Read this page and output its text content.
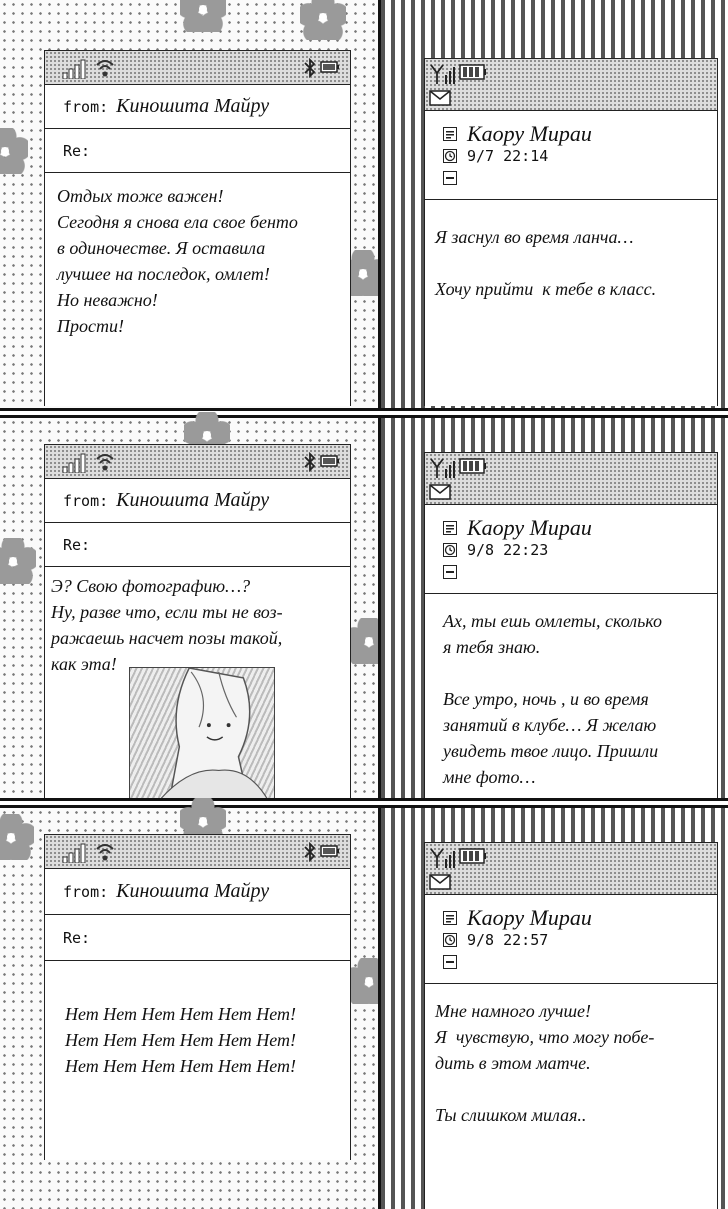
from: Киношита Майру
Re:
Отдых тоже важен!
Сегодня я снова ела свое бенто
в одиночестве. Я оставила
лучшее на последок, омлет!
Но неважно!
Прости!
Каору Мираи
9/7 22:14
Я заснул во время ланча…

Хочу прийти  к тебе в класс.
from: Киношита Майру
Re:
Э? Свою фотографию…?
Ну, разве что, если ты не воз-
ражаешь насчет позы такой,
как эта!
Каору Мираи
9/8 22:23
Ах, ты ешь омлеты, сколько
я тебя знаю.

Все утро, ночь , и во время
занятий в клубе… Я желаю
увидеть твое лицо. Пришли
мне фото…
from: Киношита Майру
Re:
Нет Нет Нет Нет Нет Нет!
Нет Нет Нет Нет Нет Нет!
Нет Нет Нет Нет Нет Нет!
Каору Мираи
9/8 22:57
Мне намного лучше!
Я  чувствую, что могу побе-
дить в этом матче.

Ты слишком милая..
